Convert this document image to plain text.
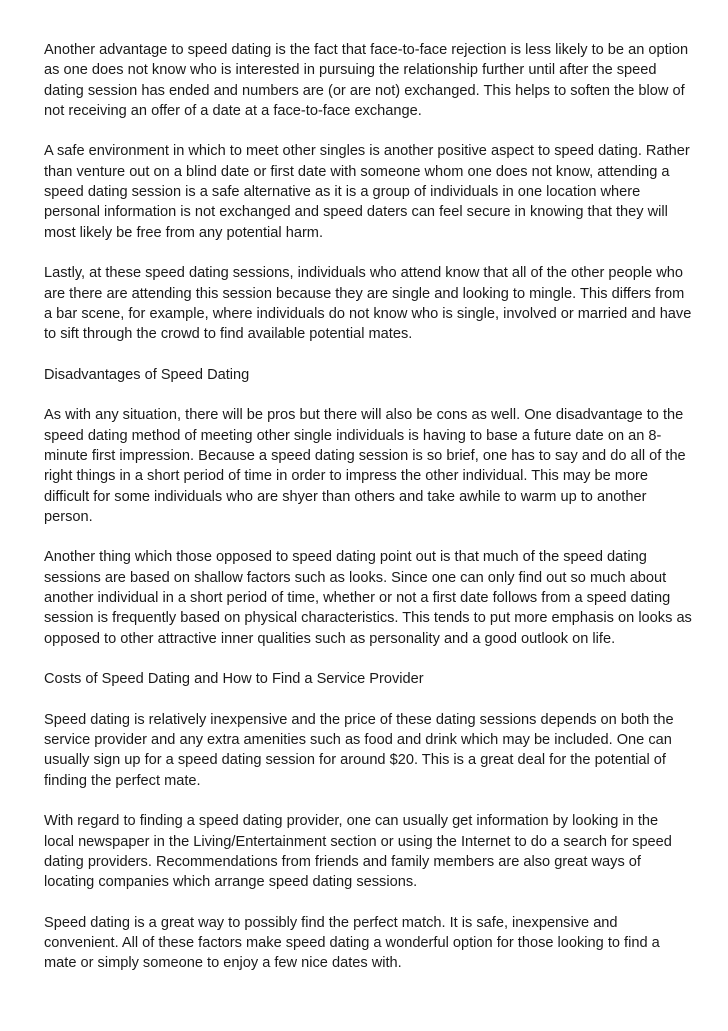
Another advantage to speed dating is the fact that face-to-face rejection is less likely to be an option as one does not know who is interested in pursuing the relationship further until after the speed dating session has ended and numbers are (or are not) exchanged. This helps to soften the blow of not receiving an offer of a date at a face-to-face exchange.

A safe environment in which to meet other singles is another positive aspect to speed dating. Rather than venture out on a blind date or first date with someone whom one does not know, attending a speed dating session is a safe alternative as it is a group of individuals in one location where personal information is not exchanged and speed daters can feel secure in knowing that they will most likely be free from any potential harm.

Lastly, at these speed dating sessions, individuals who attend know that all of the other people who are there are attending this session because they are single and looking to mingle. This differs from a bar scene, for example, where individuals do not know who is single, involved or married and have to sift through the crowd to find available potential mates.

Disadvantages of Speed Dating

As with any situation, there will be pros but there will also be cons as well. One disadvantage to the speed dating method of meeting other single individuals is having to base a future date on an 8-minute first impression. Because a speed dating session is so brief, one has to say and do all of the right things in a short period of time in order to impress the other individual. This may be more difficult for some individuals who are shyer than others and take awhile to warm up to another person.

Another thing which those opposed to speed dating point out is that much of the speed dating sessions are based on shallow factors such as looks. Since one can only find out so much about another individual in a short period of time, whether or not a first date follows from a speed dating session is frequently based on physical characteristics. This tends to put more emphasis on looks as opposed to other attractive inner qualities such as personality and a good outlook on life.

Costs of Speed Dating and How to Find a Service Provider

Speed dating is relatively inexpensive and the price of these dating sessions depends on both the service provider and any extra amenities such as food and drink which may be included. One can usually sign up for a speed dating session for around $20. This is a great deal for the potential of finding the perfect mate.

With regard to finding a speed dating provider, one can usually get information by looking in the local newspaper in the Living/Entertainment section or using the Internet to do a search for speed dating providers. Recommendations from friends and family members are also great ways of locating companies which arrange speed dating sessions.

Speed dating is a great way to possibly find the perfect match. It is safe, inexpensive and convenient. All of these factors make speed dating a wonderful option for those looking to find a mate or simply someone to enjoy a few nice dates with.
